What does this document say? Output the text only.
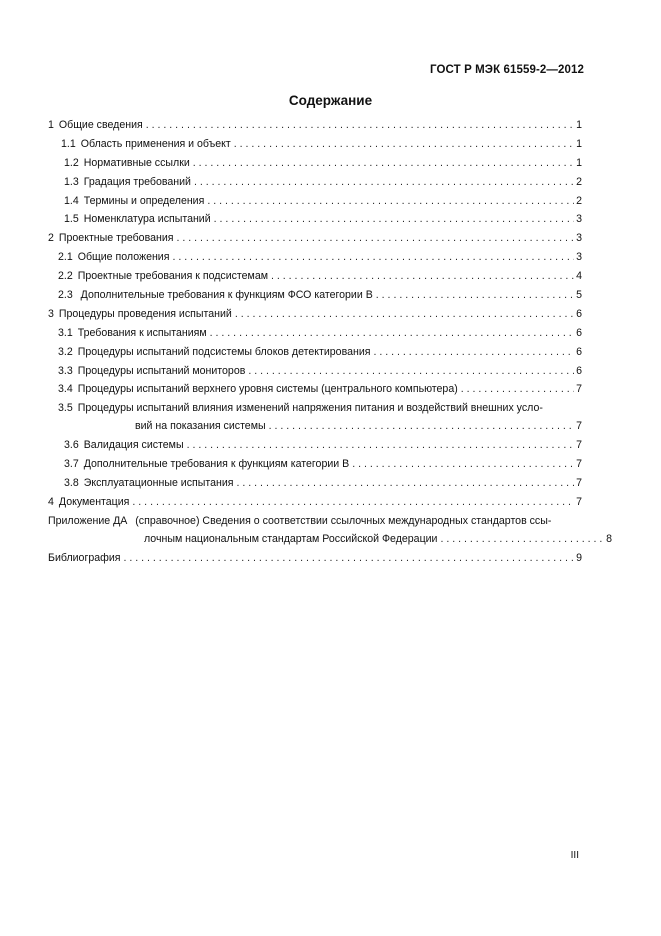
ГОСТ Р МЭК 61559-2—2012
Содержание
1 Общие сведения . . .	1
1.1 Область применения и объект . . .	1
1.2 Нормативные ссылки . . .	1
1.3 Градация требований . . .	2
1.4 Термины и определения . . .	2
1.5 Номенклатура испытаний . . .	3
2 Проектные требования . . .	3
2.1 Общие положения . . .	3
2.2 Проектные требования к подсистемам . . .	4
2.3 Дополнительные требования к функциям ФСО категории B . . .	5
3 Процедуры проведения испытаний . . .	6
3.1 Требования к испытаниям . . .	6
3.2 Процедуры испытаний подсистемы блоков детектирования . . .	6
3.3 Процедуры испытаний мониторов . . .	6
3.4 Процедуры испытаний верхнего уровня системы (центрального компьютера) . . .	7
3.5 Процедуры испытаний влияния изменений напряжения питания и воздействий внешних усло-
вий на показания системы . . .	7
3.6 Валидация системы . . .	7
3.7 Дополнительные требования к функциям категории B . . .	7
3.8 Эксплуатационные испытания . . .	7
4 Документация . . .	7
Приложение ДА (справочное) Сведения о соответствии ссылочных международных стандартов ссы-
лочным национальным стандартам Российской Федерации . . .	8
Библиография . . .	9
III
